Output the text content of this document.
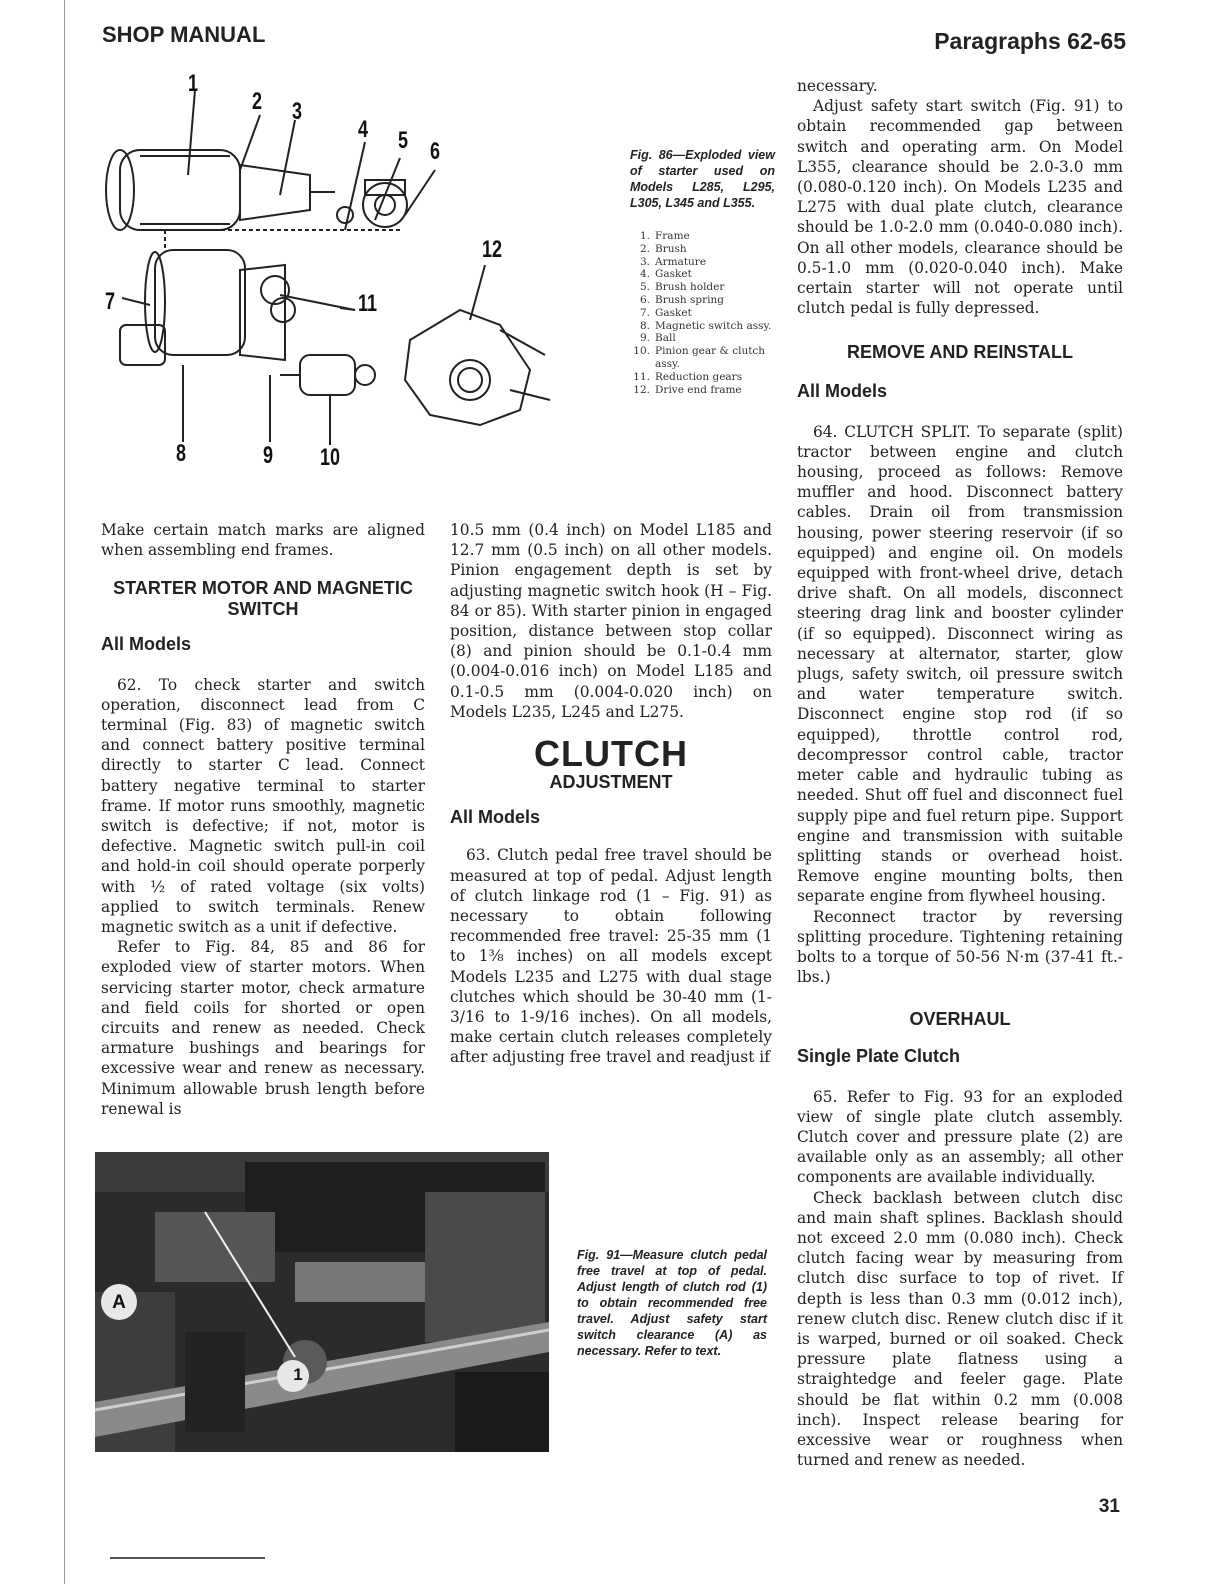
SHOP MANUAL	Paragraphs 62-65
1
2 3
4 5 6
7
8	9 10
11
12
Fig. 86—Exploded view of starter used on Models L285, L295, L305, L345 and L355.
1. Frame
2. Brush
3. Armature
4. Gasket
5. Brush holder
6. Brush spring
7. Gasket
8. Magnetic switch assy.
9. Ball
10. Pinion gear & clutch assy.
11. Reduction gears
12. Drive end frame

Make certain match marks are aligned when assembling end frames.

STARTER MOTOR AND MAGNETIC SWITCH
All Models

62. To check starter and switch operation, disconnect lead from C terminal (Fig. 83) of magnetic switch and connect battery positive terminal directly to starter C lead. Connect battery negative terminal to starter frame. If motor runs smoothly, magnetic switch is defective; if not, motor is defective. Magnetic switch pull-in coil and hold-in coil should operate porperly with ½ of rated voltage (six volts) applied to switch terminals. Renew magnetic switch as a unit if defective.

Refer to Fig. 84, 85 and 86 for exploded view of starter motors. When servicing starter motor, check armature and field coils for shorted or open circuits and renew as needed. Check armature bushings and bearings for excessive wear and renew as necessary. Minimum allowable brush length before renewal is

10.5 mm (0.4 inch) on Model L185 and 12.7 mm (0.5 inch) on all other models. Pinion engagement depth is set by adjusting magnetic switch hook (H – Fig. 84 or 85). With starter pinion in engaged position, distance between stop collar (8) and pinion should be 0.1-0.4 mm (0.004-0.016 inch) on Model L185 and 0.1-0.5 mm (0.004-0.020 inch) on Models L235, L245 and L275.

CLUTCH
ADJUSTMENT
All Models

63. Clutch pedal free travel should be measured at top of pedal. Adjust length of clutch linkage rod (1 – Fig. 91) as necessary to obtain following recommended free travel: 25-35 mm (1 to 1⅜ inches) on all models except Models L235 and L275 with dual stage clutches which should be 30-40 mm (1-3/16 to 1-9/16 inches). On all models, make certain clutch releases completely after adjusting free travel and readjust if

necessary.

Adjust safety start switch (Fig. 91) to obtain recommended gap between switch and operating arm. On Model L355, clearance should be 2.0-3.0 mm (0.080-0.120 inch). On Models L235 and L275 with dual plate clutch, clearance should be 1.0-2.0 mm (0.040-0.080 inch). On all other models, clearance should be 0.5-1.0 mm (0.020-0.040 inch). Make certain starter will not operate until clutch pedal is fully depressed.

REMOVE AND REINSTALL
All Models

64. CLUTCH SPLIT. To separate (split) tractor between engine and clutch housing, proceed as follows: Remove muffler and hood. Disconnect battery cables. Drain oil from transmission housing, power steering reservoir (if so equipped) and engine oil. On models equipped with front-wheel drive, detach drive shaft. On all models, disconnect steering drag link and booster cylinder (if so equipped). Disconnect wiring as necessary at alternator, starter, glow plugs, safety switch, oil pressure switch and water temperature switch. Disconnect engine stop rod (if so equipped), throttle control rod, decompressor control cable, tractor meter cable and hydraulic tubing as needed. Shut off fuel and disconnect fuel supply pipe and fuel return pipe. Support engine and transmission with suitable splitting stands or overhead hoist. Remove engine mounting bolts, then separate engine from flywheel housing.

Reconnect tractor by reversing splitting procedure. Tightening retaining bolts to a torque of 50-56 N·m (37-41 ft.-lbs.)

OVERHAUL
Single Plate Clutch

65. Refer to Fig. 93 for an exploded view of single plate clutch assembly. Clutch cover and pressure plate (2) are available only as an assembly; all other components are available individually.

Check backlash between clutch disc and main shaft splines. Backlash should not exceed 2.0 mm (0.080 inch). Check clutch facing wear by measuring from clutch disc surface to top of rivet. If depth is less than 0.3 mm (0.012 inch), renew clutch disc. Renew clutch disc if it is warped, burned or oil soaked. Check pressure plate flatness using a straightedge and feeler gage. Plate should be flat within 0.2 mm (0.008 inch). Inspect release bearing for excessive wear or roughness when turned and renew as needed.

A
1
Fig. 91—Measure clutch pedal free travel at top of pedal. Adjust length of clutch rod (1) to obtain recommended free travel. Adjust safety start switch clearance (A) as necessary. Refer to text.
31
